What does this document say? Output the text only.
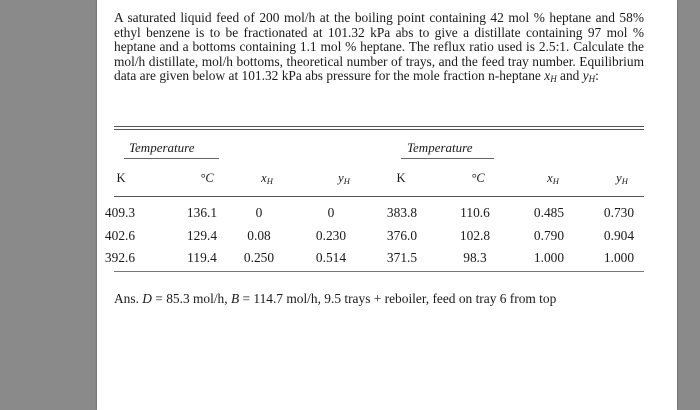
A saturated liquid feed of 200 mol/h at the boiling point containing 42 mol % heptane and 58% ethyl benzene is to be fractionated at 101.32 kPa abs to give a distillate containing 97 mol % heptane and a bottoms containing 1.1 mol % heptane. The reflux ratio used is 2.5:1. Calculate the mol/h distillate, mol/h bottoms, theoretical number of trays, and the feed tray number. Equilibrium data are given below at 101.32 kPa abs pressure for the mole fraction n-heptane $x_H$ and $y_H$:

Temperature	Temperature
K	°C	$x_H$	$y_H$	K	°C	$x_H$	$y_H$
409.3	136.1	0	0	383.8	110.6	0.485	0.730
402.6	129.4	0.08	0.230	376.0	102.8	0.790	0.904
392.6	119.4	0.250	0.514	371.5	98.3	1.000	1.000

Ans. D = 85.3 mol/h, B = 114.7 mol/h, 9.5 trays + reboiler, feed on tray 6 from top
